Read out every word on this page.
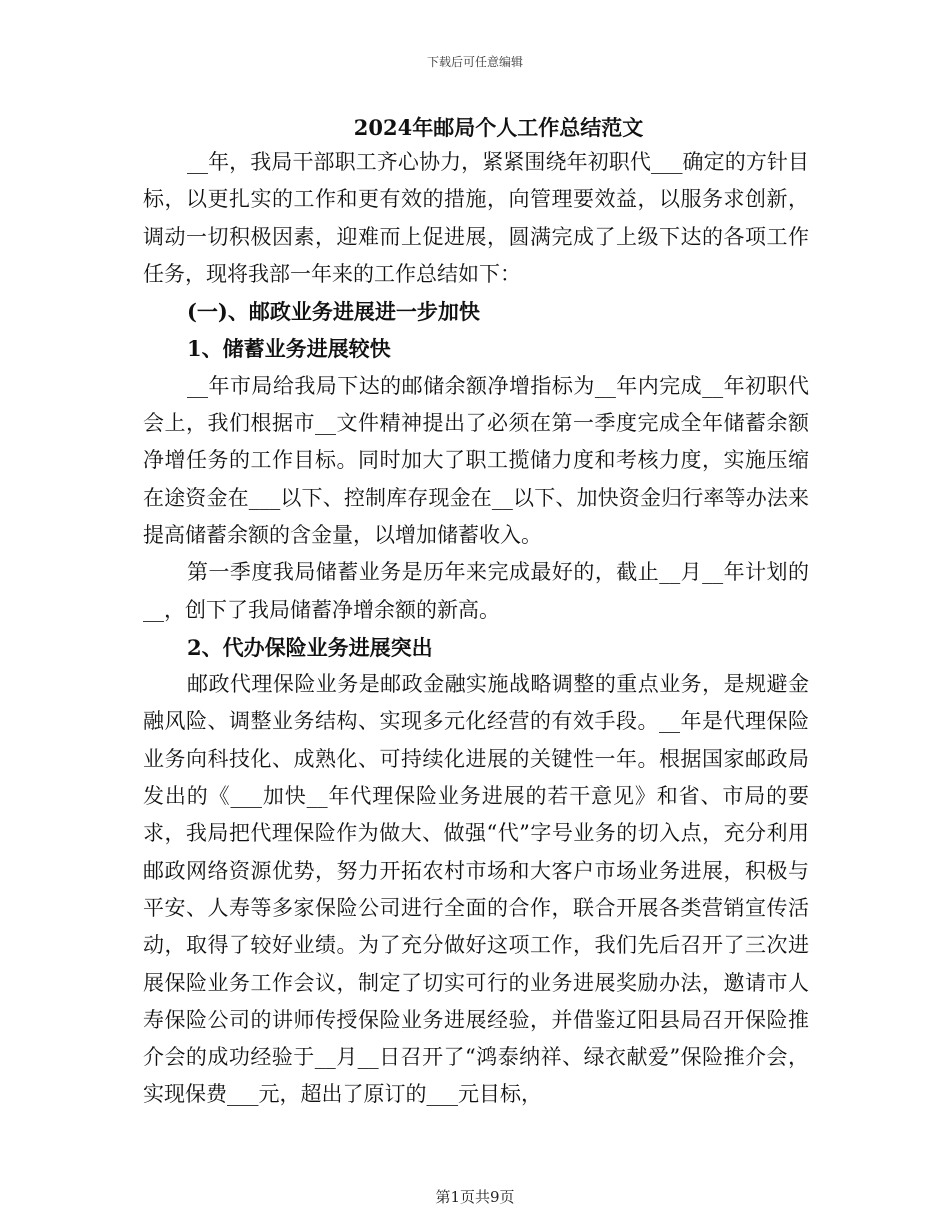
下载后可任意编辑
2024年邮局个人工作总结范文

__年，我局干部职工齐心协力，紧紧围绕年初职代___确定的方针目标，以更扎实的工作和更有效的措施，向管理要效益，以服务求创新，调动一切积极因素，迎难而上促进展，圆满完成了上级下达的各项工作任务，现将我部一年来的工作总结如下：

(一)、邮政业务进展进一步加快

1、储蓄业务进展较快

__年市局给我局下达的邮储余额净增指标为__年内完成__年初职代会上，我们根据市__文件精神提出了必须在第一季度完成全年储蓄余额净增任务的工作目标。同时加大了职工揽储力度和考核力度，实施压缩在途资金在___以下、控制库存现金在__以下、加快资金归行率等办法来提高储蓄余额的含金量，以增加储蓄收入。

第一季度我局储蓄业务是历年来完成最好的，截止__月__年计划的__，创下了我局储蓄净增余额的新高。

2、代办保险业务进展突出

邮政代理保险业务是邮政金融实施战略调整的重点业务，是规避金融风险、调整业务结构、实现多元化经营的有效手段。__年是代理保险业务向科技化、成熟化、可持续化进展的关键性一年。根据国家邮政局发出的《___加快__年代理保险业务进展的若干意见》和省、市局的要求，我局把代理保险作为做大、做强“代”字号业务的切入点，充分利用邮政网络资源优势，努力开拓农村市场和大客户市场业务进展，积极与平安、人寿等多家保险公司进行全面的合作，联合开展各类营销宣传活动，取得了较好业绩。为了充分做好这项工作，我们先后召开了三次进展保险业务工作会议，制定了切实可行的业务进展奖励办法，邀请市人寿保险公司的讲师传授保险业务进展经验，并借鉴辽阳县局召开保险推介会的成功经验于__月__日召开了“鸿泰纳祥、绿衣献爱”保险推介会，实现保费___元，超出了原订的___元目标，

第1页共9页
